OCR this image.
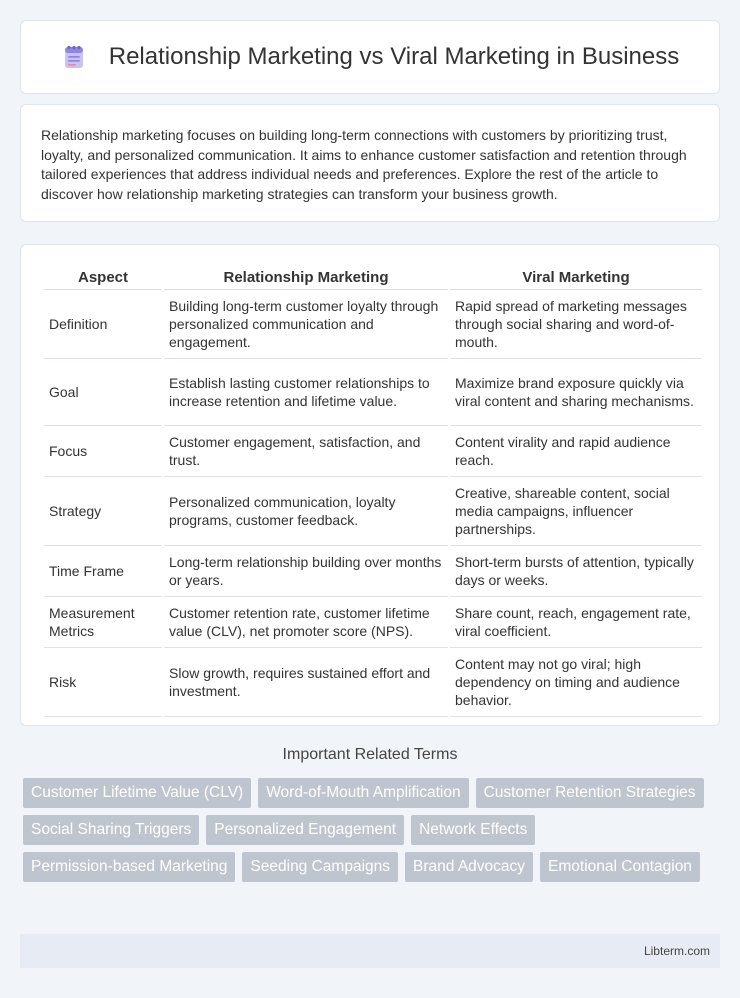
Relationship Marketing vs Viral Marketing in Business

Relationship marketing focuses on building long-term connections with customers by prioritizing trust, loyalty, and personalized communication. It aims to enhance customer satisfaction and retention through tailored experiences that address individual needs and preferences. Explore the rest of the article to discover how relationship marketing strategies can transform your business growth.

Aspect	Relationship Marketing	Viral Marketing
Definition	Building long-term customer loyalty through personalized communication and engagement.	Rapid spread of marketing messages through social sharing and word-of-mouth.
Goal	Establish lasting customer relationships to increase retention and lifetime value.	Maximize brand exposure quickly via viral content and sharing mechanisms.
Focus	Customer engagement, satisfaction, and trust.	Content virality and rapid audience reach.
Strategy	Personalized communication, loyalty programs, customer feedback.	Creative, shareable content, social media campaigns, influencer partnerships.
Time Frame	Long-term relationship building over months or years.	Short-term bursts of attention, typically days or weeks.
Measurement Metrics	Customer retention rate, customer lifetime value (CLV), net promoter score (NPS).	Share count, reach, engagement rate, viral coefficient.
Risk	Slow growth, requires sustained effort and investment.	Content may not go viral; high dependency on timing and audience behavior.
Important Related Terms
Customer Lifetime Value (CLV)	Word-of-Mouth Amplification	Customer Retention Strategies
Social Sharing Triggers	Personalized Engagement	Network Effects
Permission-based Marketing	Seeding Campaigns	Brand Advocacy	Emotional Contagion
Libterm.com
